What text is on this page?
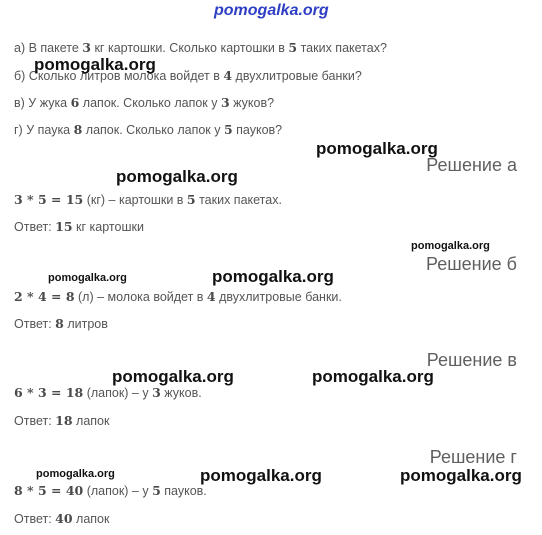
pomogalka.org
а) В пакете 3 кг картошки. Сколько картошки в 5 таких пакетах?
б) Сколько литров молока войдет в 4 двухлитровые банки?
в) У жука 6 лапок. Сколько лапок у 3 жуков?
г) У паука 8 лапок. Сколько лапок у 5 пауков?
Решение а
3 * 5 = 15 (кг) – картошки в 5 таких пакетах.
Ответ: 15 кг картошки
Решение б
2 * 4 = 8 (л) – молока войдет в 4 двухлитровые банки.
Ответ: 8 литров
Решение в
6 * 3 = 18 (лапок) – у 3 жуков.
Ответ: 18 лапок
Решение г
8 * 5 = 40 (лапок) – у 5 пауков.
Ответ: 40 лапок
pomogalka.org
pomogalka.org
pomogalka.org
pomogalka.org
pomogalka.org	pomogalka.org
pomogalka.org	pomogalka.org
pomogalka.org	pomogalka.org	pomogalka.org
